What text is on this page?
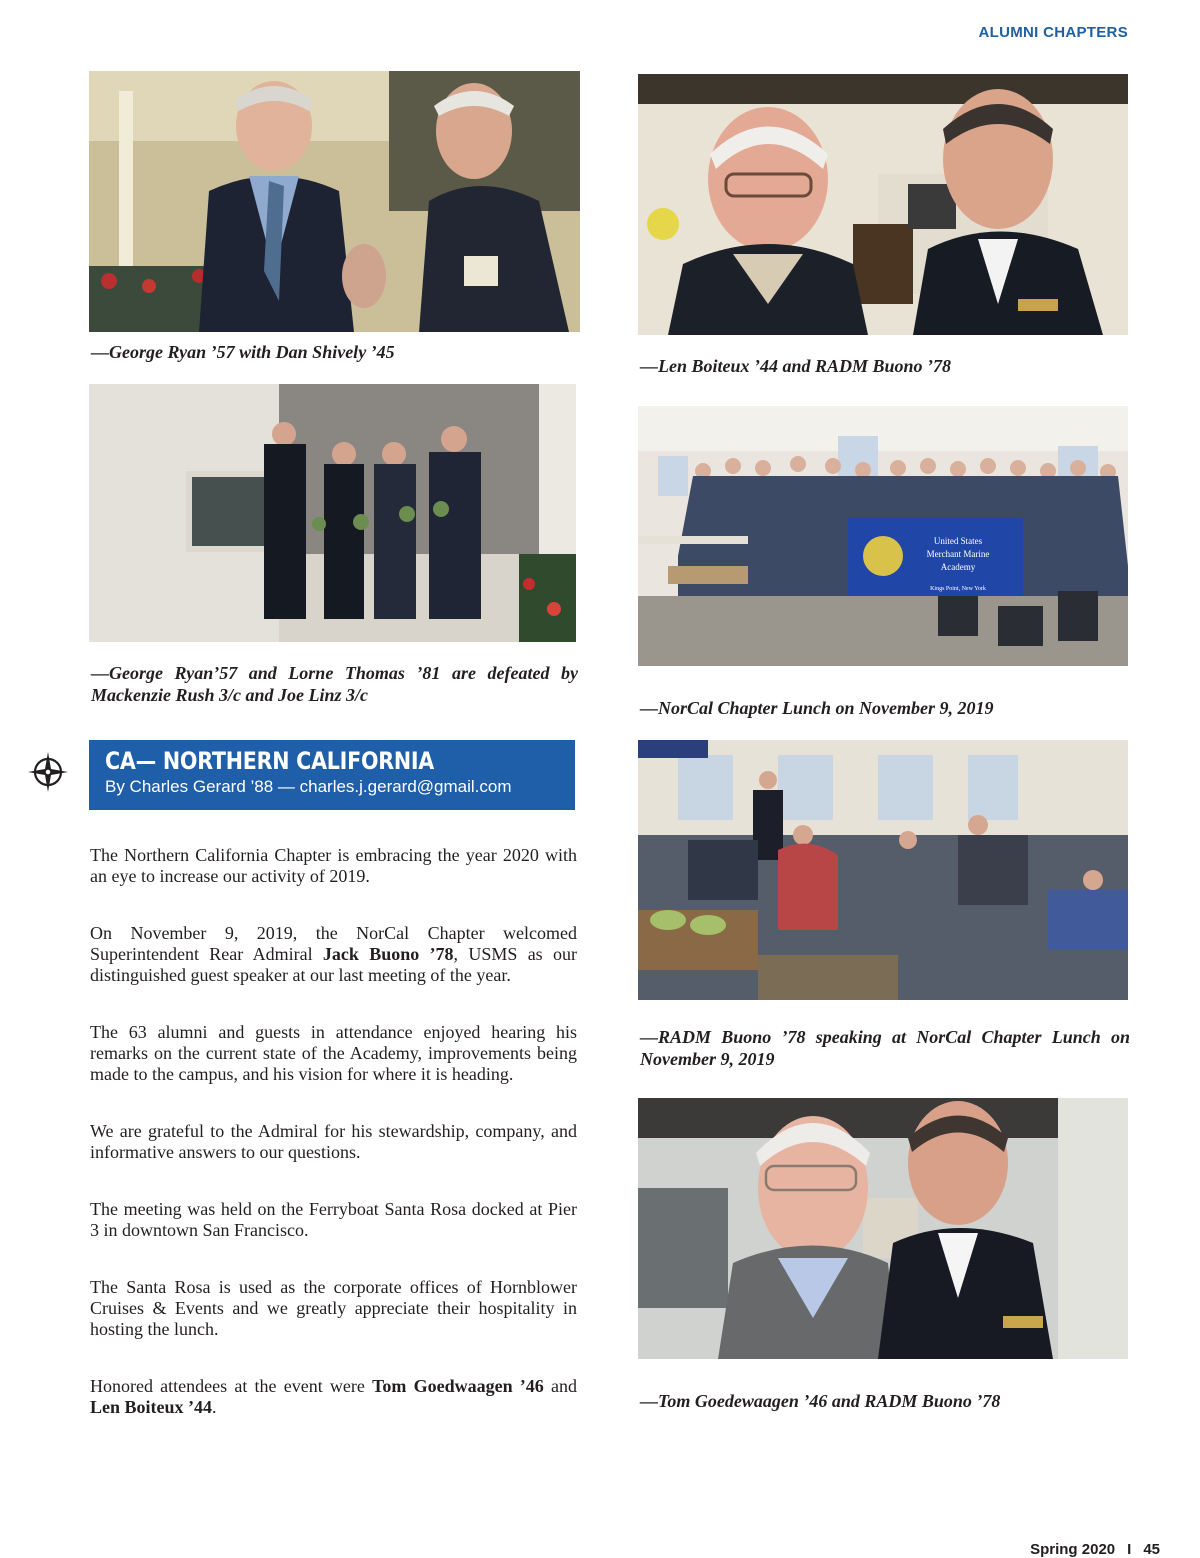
ALUMNI CHAPTERS
—George Ryan ’57 with Dan Shively ’45
—Len Boiteux ’44 and RADM Buono ’78
—George Ryan’57 and Lorne Thomas ’81 are defeated by Mackenzie Rush 3/c and Joe Linz 3/c
United States
Merchant Marine
Academy
Kings Point, New York
—NorCal Chapter Lunch on November 9, 2019
—RADM Buono ’78 speaking at NorCal Chapter Lunch on November 9, 2019
—Tom Goedewaagen ’46 and RADM Buono ’78
CA— NORTHERN CALIFORNIA
By Charles Gerard ’88 — charles.j.gerard@gmail.com

The Northern California Chapter is embracing the year 2020 with an eye to increase our activity of 2019.

On November 9, 2019, the NorCal Chapter welcomed Superintendent Rear Admiral Jack Buono ’78, USMS as our distinguished guest speaker at our last meeting of the year.

The 63 alumni and guests in attendance enjoyed hearing his remarks on the current state of the Academy, improvements being made to the campus, and his vision for where it is heading.

We are grateful to the Admiral for his stewardship, company, and informative answers to our questions.

The meeting was held on the Ferryboat Santa Rosa docked at Pier 3 in downtown San Francisco.

The Santa Rosa is used as the corporate offices of Hornblower Cruises & Events and we greatly appreciate their hospitality in hosting the lunch.

Honored attendees at the event were Tom Goedwaagen ’46 and Len Boiteux ’44.

Spring 2020 I 45
